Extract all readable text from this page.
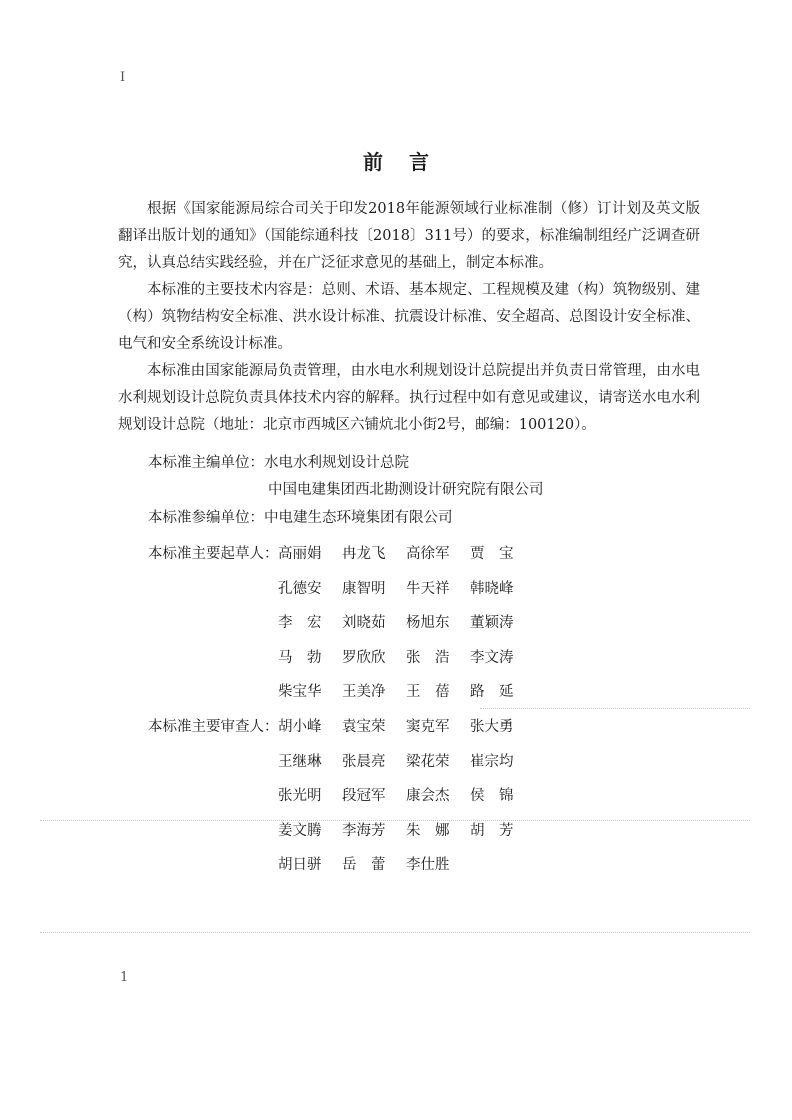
I
前言

根据《国家能源局综合司关于印发2018年能源领域行业标准制（修）订计划及英文版翻译出版计划的通知》（国能综通科技〔2018〕311号）的要求，标准编制组经广泛调查研究，认真总结实践经验，并在广泛征求意见的基础上，制定本标准。

本标准的主要技术内容是：总则、术语、基本规定、工程规模及建（构）筑物级别、建（构）筑物结构安全标准、洪水设计标准、抗震设计标准、安全超高、总图设计安全标准、电气和安全系统设计标准。

本标准由国家能源局负责管理，由水电水利规划设计总院提出并负责日常管理，由水电水利规划设计总院负责具体技术内容的解释。执行过程中如有意见或建议，请寄送水电水利规划设计总院（地址：北京市西城区六铺炕北小街2号，邮编：100120）。

本标准主编单位：水电水利规划设计总院
中国电建集团西北勘测设计研究院有限公司
本标准参编单位：中电建生态环境集团有限公司
本标准主要起草人： 高丽娟	冉龙飞	高徐军	贾　宝
孔德安	康智明	牛天祥	韩晓峰
李　宏	刘晓茹	杨旭东	董颖涛
马　勃	罗欣欣	张　浩	李文涛
柴宝华	王美净	王　蓓	路　延
本标准主要审查人： 胡小峰	袁宝荣	窦克军	张大勇
王继琳	张晨亮	梁花荣	崔宗均
张光明	段冠军	康会杰	侯　锦
姜文腾	李海芳	朱　娜	胡　芳
胡日骈	岳　蕾	李仕胜
1
